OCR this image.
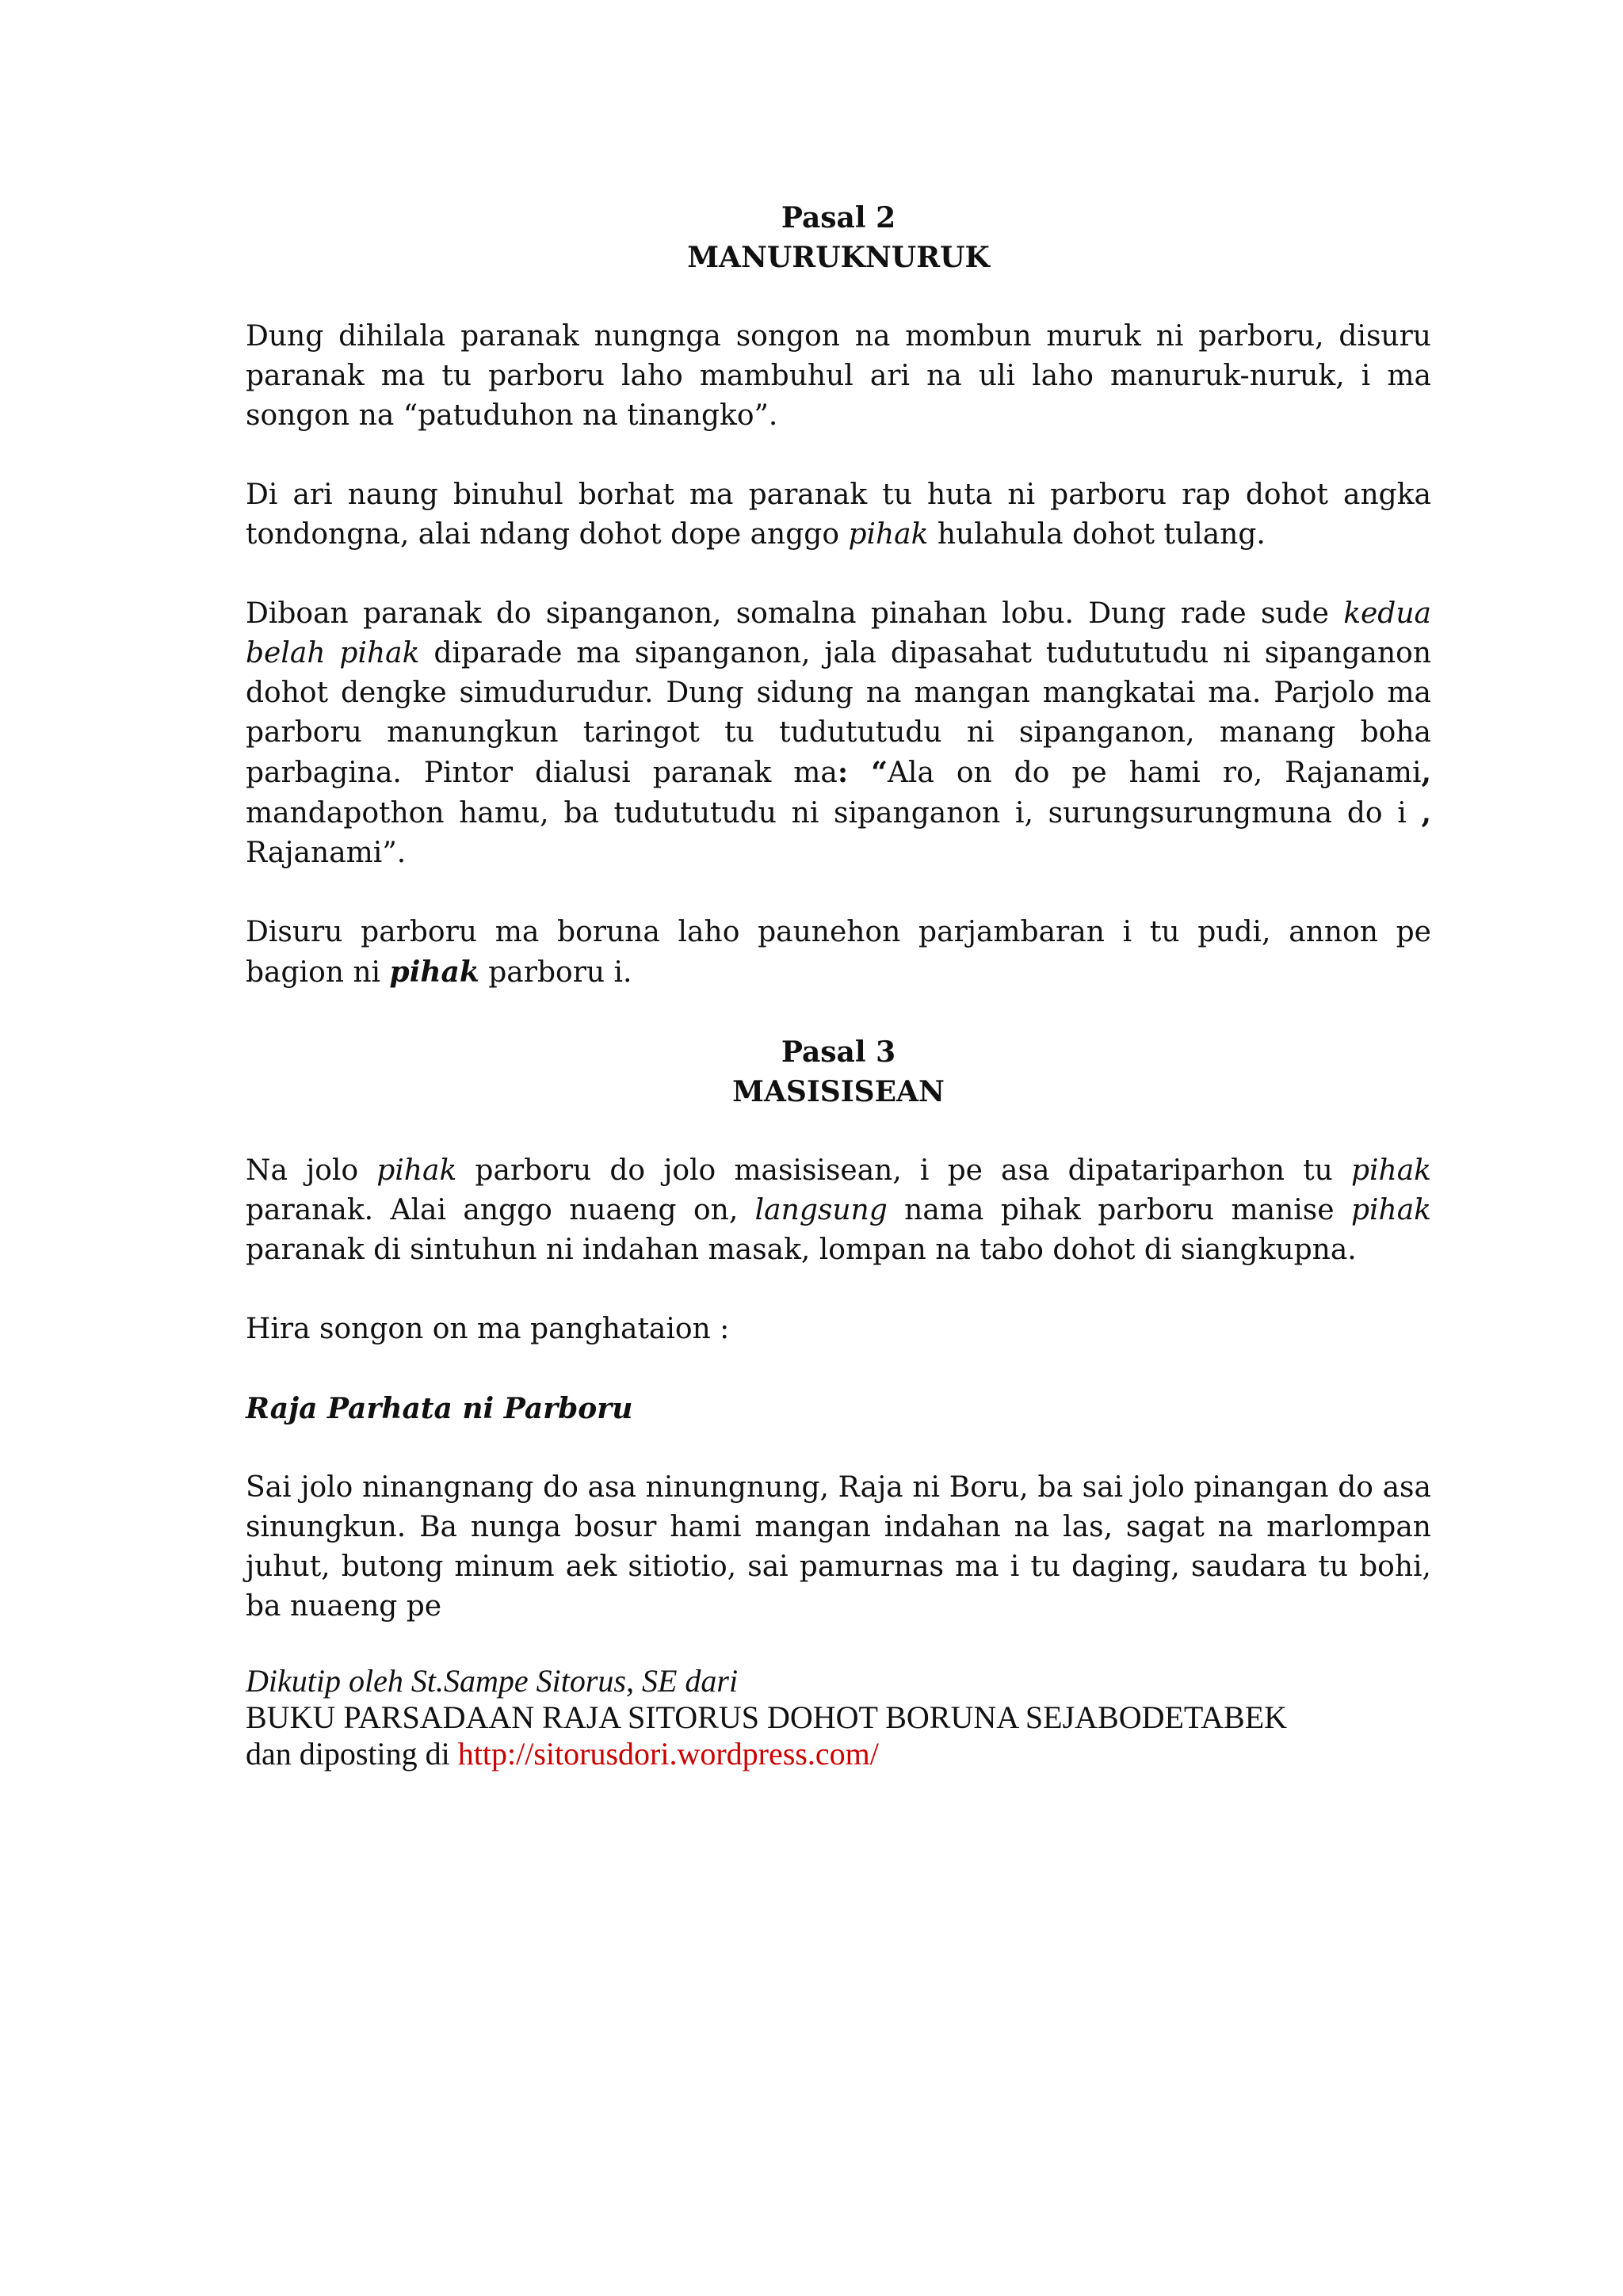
Pasal 2

MANURUKNURUK

Dung dihilala paranak nungnga songon na mombun muruk ni parboru, disuru paranak ma tu parboru laho mambuhul ari na uli laho manuruk-nuruk, i ma songon na “patuduhon na tinangko”.

Di ari naung binuhul borhat ma paranak tu huta ni parboru rap dohot angka tondongna, alai ndang dohot dope anggo pihak hulahula dohot tulang.

Diboan paranak do sipanganon, somalna pinahan lobu. Dung rade sude kedua belah pihak diparade ma sipanganon, jala dipasahat tudututudu ni sipanganon dohot dengke simudurudur. Dung sidung na mangan mangkatai ma. Parjolo ma parboru manungkun taringot tu tudututudu ni sipanganon, manang boha parbagina. Pintor dialusi paranak ma: “Ala on do pe hami ro, Rajanami, mandapothon hamu, ba tudututudu ni sipanganon i, surungsurungmuna do i , Rajanami”.

Disuru parboru ma boruna laho paunehon parjambaran i tu pudi, annon pe bagion ni pihak parboru i.

Pasal 3

MASISISEAN

Na jolo pihak parboru do jolo masisisean, i pe asa dipatariparhon tu pihak paranak. Alai anggo nuaeng on, langsung nama pihak parboru manise pihak paranak di sintuhun ni indahan masak, lompan na tabo dohot di siangkupna.

Hira songon on ma panghataion :

Raja Parhata ni Parboru

Sai jolo ninangnang do asa ninungnung, Raja ni Boru, ba sai jolo pinangan do asa sinungkun. Ba nunga bosur hami mangan indahan na las, sagat na marlompan juhut, butong minum aek sitiotio, sai pamurnas ma i tu daging, saudara tu bohi, ba nuaeng pe

Dikutip oleh St.Sampe Sitorus, SE dari
BUKU PARSADAAN RAJA SITORUS DOHOT BORUNA SEJABODETABEK
dan diposting di http://sitorusdori.wordpress.com/
